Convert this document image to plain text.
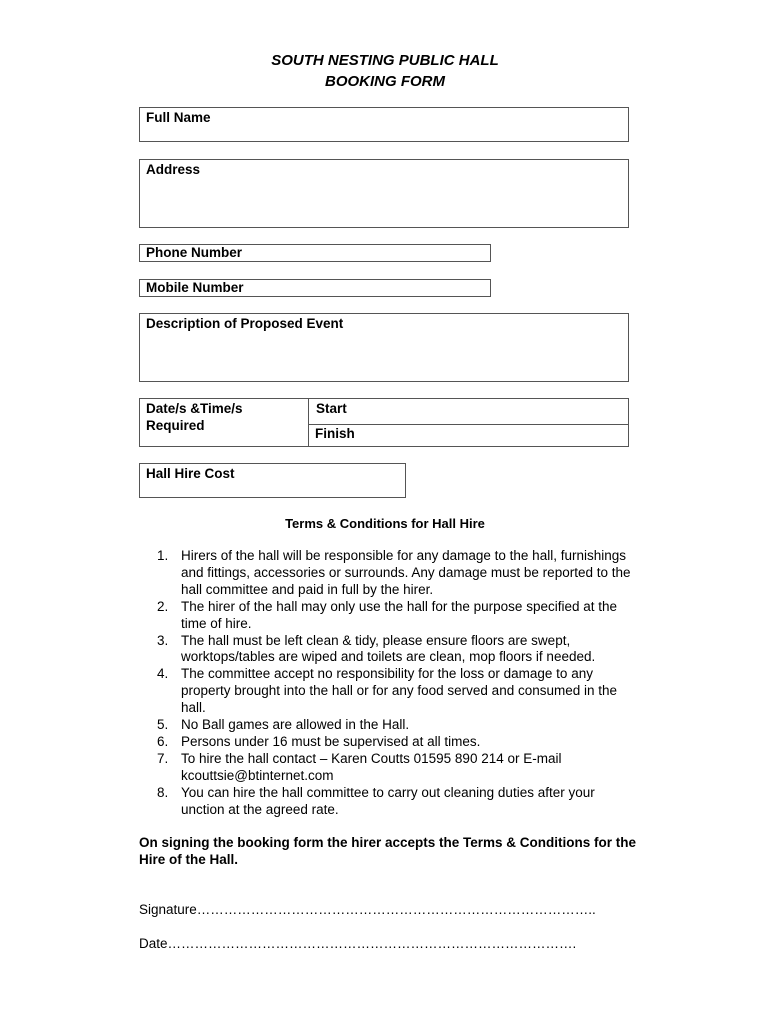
SOUTH NESTING PUBLIC HALL
BOOKING FORM
Full Name
Address
Phone Number
Mobile Number
Description of Proposed Event
Date/s &Time/s
Required
Start
Finish
Hall Hire Cost
Terms & Conditions for Hall Hire
1. Hirers of the hall will be responsible for any damage to the hall, furnishings and fittings, accessories or surrounds. Any damage must be reported to the hall committee and paid in full by the hirer.
2. The hirer of the hall may only use the hall for the purpose specified at the time of hire.
3. The hall must be left clean & tidy, please ensure floors are swept, worktops/tables are wiped and toilets are clean, mop floors if needed.
4. The committee accept no responsibility for the loss or damage to any property brought into the hall or for any food served and consumed in the hall.
5. No Ball games are allowed in the Hall.
6. Persons under 16 must be supervised at all times.
7. To hire the hall contact – Karen Coutts 01595 890 214 or E-mail kcouttsie@btinternet.com
8. You can hire the hall committee to carry out cleaning duties after your unction at the agreed rate.
On signing the booking form the hirer accepts the Terms & Conditions for the Hire of the Hall.
Signature……………………………………………………………………………..
Date……………………………………………………………………………….
